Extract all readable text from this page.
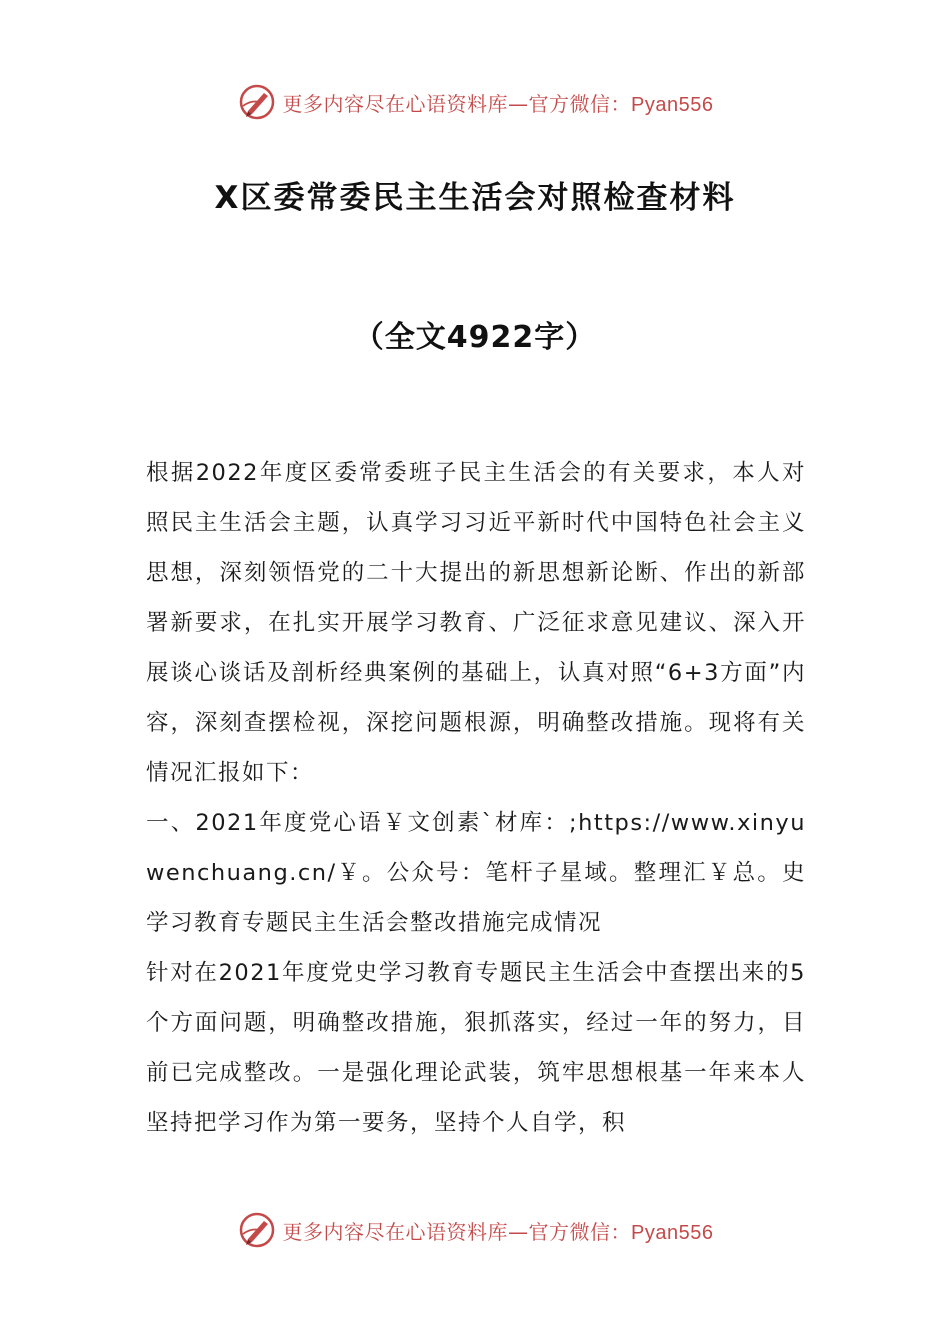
更多内容尽在心语资料库—官方微信：Pyan556
X区委常委民主生活会对照检查材料
（全文4922字）

根据2022年度区委常委班子民主生活会的有关要求，本人对照民主生活会主题，认真学习习近平新时代中国特色社会主义思想，深刻领悟党的二十大提出的新思想新论断、作出的新部署新要求，在扎实开展学习教育、广泛征求意见建议、深入开展谈心谈话及剖析经典案例的基础上，认真对照“6+3方面”内容，深刻查摆检视，深挖问题根源，明确整改措施。现将有关情况汇报如下：

一、2021年度党心语￥文创素`材库：;https://www.xinyuwenchuang.cn/￥。公众号：笔杆子星域。整理汇￥总。史学习教育专题民主生活会整改措施完成情况

针对在2021年度党史学习教育专题民主生活会中查摆出来的5个方面问题，明确整改措施，狠抓落实，经过一年的努力，目前已完成整改。一是强化理论武装，筑牢思想根基一年来本人坚持把学习作为第一要务，坚持个人自学，积

更多内容尽在心语资料库—官方微信：Pyan556
